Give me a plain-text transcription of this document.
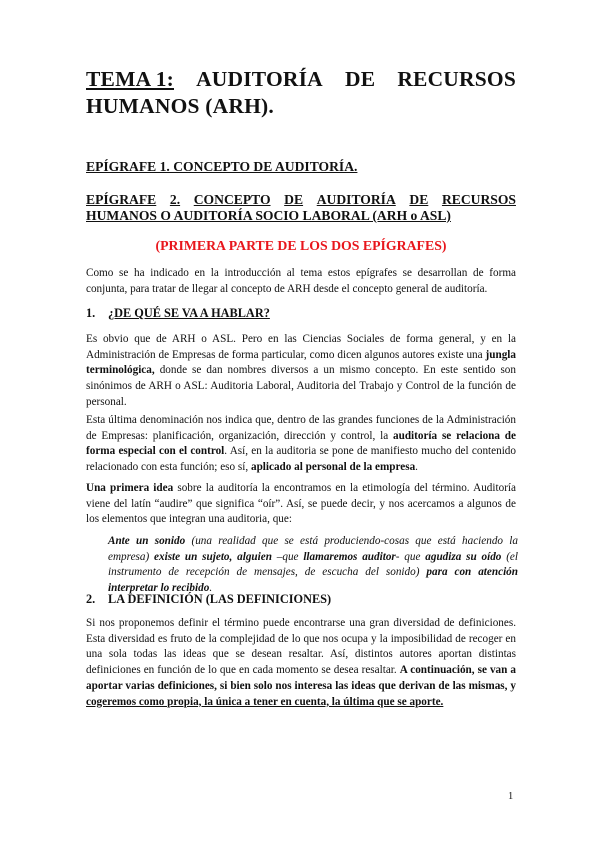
TEMA 1: AUDITORÍA DE RECURSOS
HUMANOS (ARH).
EPÍGRAFE 1. CONCEPTO DE AUDITORÍA.
EPÍGRAFE 2. CONCEPTO DE AUDITORÍA DE RECURSOS
HUMANOS O AUDITORÍA SOCIO LABORAL (ARH o ASL)
(PRIMERA PARTE DE LOS DOS EPÍGRAFES)
Como se ha indicado en la introducción al tema estos epígrafes se desarrollan de forma conjunta, para tratar de llegar al concepto de ARH desde el concepto general de auditoría.
1. ¿DE QUÉ SE VA A HABLAR?
Es obvio que de ARH o ASL. Pero en las Ciencias Sociales de forma general, y en la Administración de Empresas de forma particular, como dicen algunos autores existe una jungla terminológica, donde se dan nombres diversos a un mismo concepto. En este sentido son sinónimos de ARH o ASL: Auditoria Laboral, Auditoria del Trabajo y Control de la función de personal.
Esta última denominación nos indica que, dentro de las grandes funciones de la Administración de Empresas: planificación, organización, dirección y control, la auditoría se relaciona de forma especial con el control. Así, en la auditoria se pone de manifiesto mucho del contenido relacionado con esta función; eso sí, aplicado al personal de la empresa.
Una primera idea sobre la auditoría la encontramos en la etimología del término. Auditoría viene del latín “audire” que significa “oír”. Así, se puede decir, y nos acercamos a algunos de los elementos que integran una auditoria, que:
Ante un sonido (una realidad que se está produciendo-cosas que está haciendo la empresa) existe un sujeto, alguien –que llamaremos auditor- que agudiza su oído (el instrumento de recepción de mensajes, de escucha del sonido) para con atención interpretar lo recibido.
2. LA DEFINICIÓN (LAS DEFINICIONES)
Si nos proponemos definir el término puede encontrarse una gran diversidad de definiciones. Esta diversidad es fruto de la complejidad de lo que nos ocupa y la imposibilidad de recoger en una sola todas las ideas que se desean resaltar. Así, distintos autores aportan distintas definiciones en función de lo que en cada momento se desea resaltar. A continuación, se van a aportar varias definiciones, si bien solo nos interesa las ideas que derivan de las mismas, y cogeremos como propia, la única a tener en cuenta, la última que se aporte.
1
